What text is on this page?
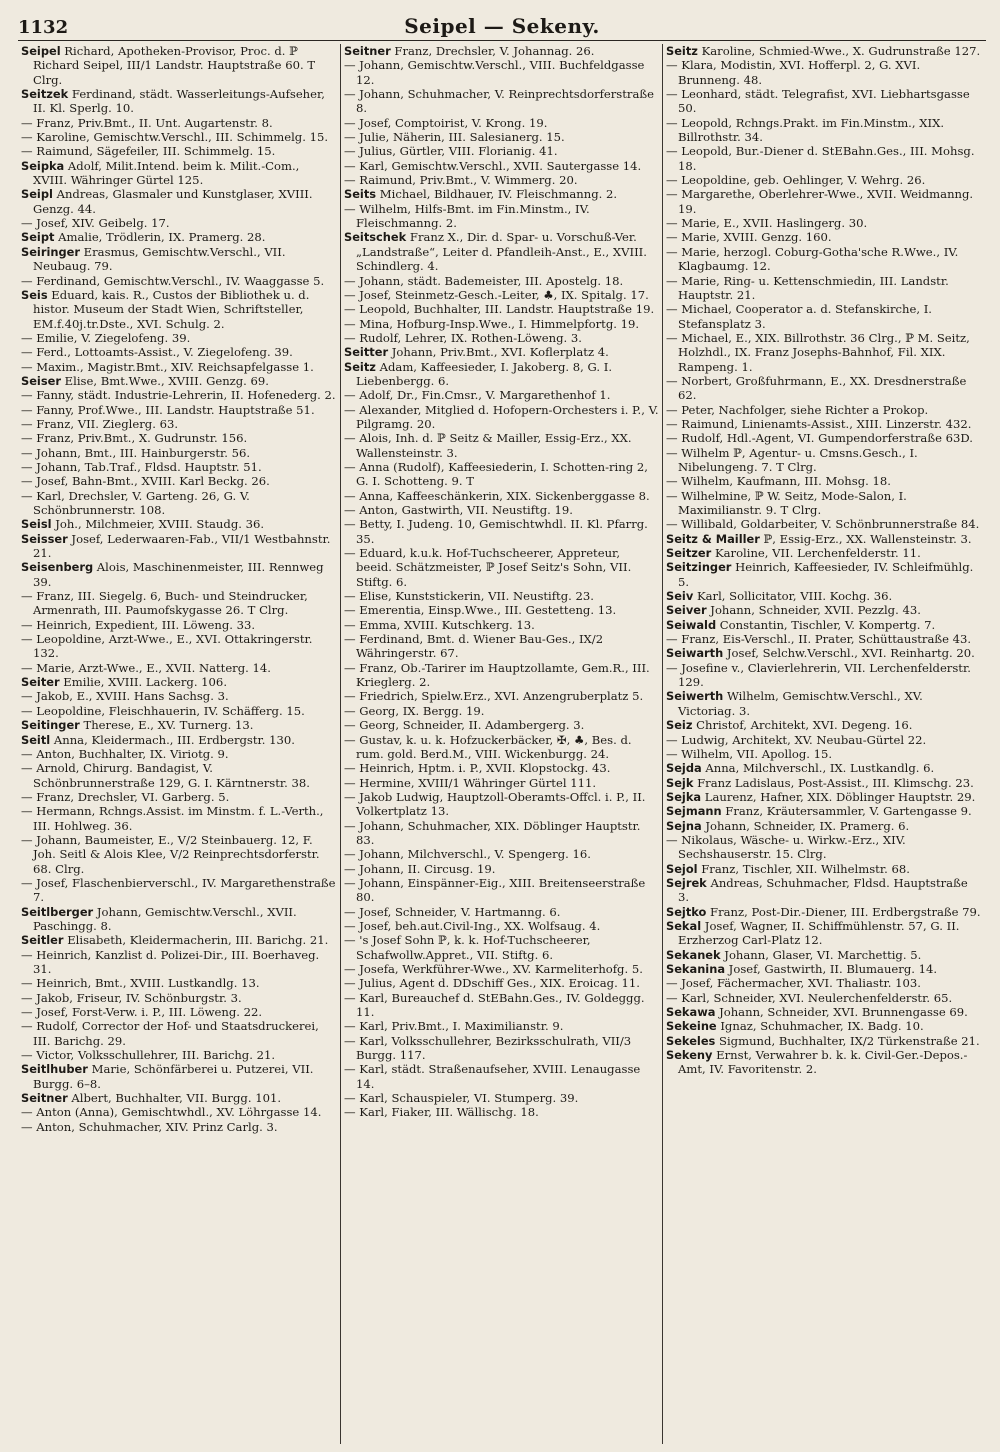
1132	Seipel — Sekeny.
Seipel Richard, Apotheken-Provisor, Proc. d. ℙ Richard Seipel, III/1 Landstr. Hauptstraße 60. T Clrg.
Seitzek Ferdinand, städt. Wasserleitungs-Aufseher, II. Kl. Sperlg. 10.
— Franz, Priv.Bmt., II. Unt. Augartenstr. 8.
— Karoline, Gemischtw.Verschl., III. Schimmelg. 15.
— Raimund, Sägefeiler, III. Schimmelg. 15.
Seipka Adolf, Milit.Intend. beim k. Milit.-Com., XVIII. Währinger Gürtel 125.
Seipl Andreas, Glasmaler und Kunstglaser, XVIII. Genzg. 44.
— Josef, XIV. Geibelg. 17.
Seipt Amalie, Trödlerin, IX. Pramerg. 28.
Seiringer Erasmus, Gemischtw.Verschl., VII. Neubaug. 79.
— Ferdinand, Gemischtw.Verschl., IV. Waaggasse 5.
Seis Eduard, kais. R., Custos der Bibliothek u. d. histor. Museum der Stadt Wien, Schriftsteller, EM.f.40j.tr.Dste., XVI. Schulg. 2.
— Emilie, V. Ziegelofeng. 39.
— Ferd., Lottoamts-Assist., V. Ziegelofeng. 39.
— Maxim., Magistr.Bmt., XIV. Reichsapfelgasse 1.
Seiser Elise, Bmt.Wwe., XVIII. Genzg. 69.
— Fanny, städt. Industrie-Lehrerin, II. Hofenederg. 2.
— Fanny, Prof.Wwe., III. Landstr. Hauptstraße 51.
— Franz, VII. Zieglerg. 63.
— Franz, Priv.Bmt., X. Gudrunstr. 156.
— Johann, Bmt., III. Hainburgerstr. 56.
— Johann, Tab.Traf., Fldsd. Hauptstr. 51.
— Josef, Bahn-Bmt., XVIII. Karl Beckg. 26.
— Karl, Drechsler, V. Garteng. 26, G. V. Schönbrunnerstr. 108.
Seisl Joh., Milchmeier, XVIII. Staudg. 36.
Seisser Josef, Lederwaaren-Fab., VII/1 Westbahnstr. 21.
Seisenberg Alois, Maschinenmeister, III. Rennweg 39.
— Franz, III. Siegelg. 6, Buch- und Steindrucker, Armenrath, III. Paumofskygasse 26. T Clrg.
— Heinrich, Expedient, III. Löweng. 33.
— Leopoldine, Arzt-Wwe., E., XVI. Ottakringerstr. 132.
— Marie, Arzt-Wwe., E., XVII. Natterg. 14.
Seiter Emilie, XVIII. Lackerg. 106.
— Jakob, E., XVIII. Hans Sachsg. 3.
— Leopoldine, Fleischhauerin, IV. Schäfferg. 15.
Seitinger Therese, E., XV. Turnerg. 13.
Seitl Anna, Kleidermach., III. Erdbergstr. 130.
— Anton, Buchhalter, IX. Viriotg. 9.
— Arnold, Chirurg. Bandagist, V. Schönbrunnerstraße 129, G. I. Kärntnerstr. 38.
— Franz, Drechsler, VI. Garberg. 5.
— Hermann, Rchngs.Assist. im Minstm. f. L.-Verth., III. Hohlweg. 36.
— Johann, Baumeister, E., V/2 Steinbauerg. 12, F. Joh. Seitl & Alois Klee, V/2 Reinprechtsdorferstr. 68. Clrg.
— Josef, Flaschenbierverschl., IV. Margarethenstraße 7.
Seitlberger Johann, Gemischtw.Verschl., XVII. Paschingg. 8.
Seitler Elisabeth, Kleidermacherin, III. Barichg. 21.
— Heinrich, Kanzlist d. Polizei-Dir., III. Boerhaveg. 31.
— Heinrich, Bmt., XVIII. Lustkandlg. 13.
— Jakob, Friseur, IV. Schönburgstr. 3.
— Josef, Forst-Verw. i. P., III. Löweng. 22.
— Rudolf, Corrector der Hof- und Staatsdruckerei, III. Barichg. 29.
— Victor, Volksschullehrer, III. Barichg. 21.
Seitlhuber Marie, Schönfärberei u. Putzerei, VII. Burgg. 6–8.
Seitner Albert, Buchhalter, VII. Burgg. 101.
— Anton (Anna), Gemischtwhdl., XV. Löhrgasse 14.
— Anton, Schuhmacher, XIV. Prinz Carlg. 3.
Seitner Franz, Drechsler, V. Johannag. 26.
— Johann, Gemischtw.Verschl., VIII. Buchfeldgasse 12.
— Johann, Schuhmacher, V. Reinprechtsdorferstraße 8.
— Josef, Comptoirist, V. Krong. 19.
— Julie, Näherin, III. Salesianerg. 15.
— Julius, Gürtler, VIII. Florianig. 41.
— Karl, Gemischtw.Verschl., XVII. Sautergasse 14.
— Raimund, Priv.Bmt., V. Wimmerg. 20.
Seits Michael, Bildhauer, IV. Fleischmanng. 2.
— Wilhelm, Hilfs-Bmt. im Fin.Minstm., IV. Fleischmanng. 2.
Seitschek Franz X., Dir. d. Spar- u. Vorschuß-Ver. „Landstraße“, Leiter d. Pfandleih-Anst., E., XVIII. Schindlerg. 4.
— Johann, städt. Bademeister, III. Apostelg. 18.
— Josef, Steinmetz-Gesch.-Leiter, ♣, IX. Spitalg. 17.
— Leopold, Buchhalter, III. Landstr. Hauptstraße 19.
— Mina, Hofburg-Insp.Wwe., I. Himmelpfortg. 19.
— Rudolf, Lehrer, IX. Rothen-Löweng. 3.
Seitter Johann, Priv.Bmt., XVI. Koflerplatz 4.
Seitz Adam, Kaffeesieder, I. Jakoberg. 8, G. I. Liebenbergg. 6.
— Adolf, Dr., Fin.Cmsr., V. Margarethenhof 1.
— Alexander, Mitglied d. Hofopern-Orchesters i. P., V. Pilgramg. 20.
— Alois, Inh. d. ℙ Seitz & Mailler, Essig-Erz., XX. Wallensteinstr. 3.
— Anna (Rudolf), Kaffeesiederin, I. Schotten-ring 2, G. I. Schotteng. 9. T
— Anna, Kaffeeschänkerin, XIX. Sickenberggasse 8.
— Anton, Gastwirth, VII. Neustiftg. 19.
— Betty, I. Judeng. 10, Gemischtwhdl. II. Kl. Pfarrg. 35.
— Eduard, k.u.k. Hof-Tuchscheerer, Appreteur, beeid. Schätzmeister, ℙ Josef Seitz's Sohn, VII. Stiftg. 6.
— Elise, Kunststickerin, VII. Neustiftg. 23.
— Emerentia, Einsp.Wwe., III. Gestetteng. 13.
— Emma, XVIII. Kutschkerg. 13.
— Ferdinand, Bmt. d. Wiener Bau-Ges., IX/2 Währingerstr. 67.
— Franz, Ob.-Tarirer im Hauptzollamte, Gem.R., III. Krieglerg. 2.
— Friedrich, Spielw.Erz., XVI. Anzengruberplatz 5.
— Georg, IX. Bergg. 19.
— Georg, Schneider, II. Adambergerg. 3.
— Gustav, k. u. k. Hofzuckerbäcker, ✠, ♣, Bes. d. rum. gold. Berd.M., VIII. Wickenburgg. 24.
— Heinrich, Hptm. i. P., XVII. Klopstockg. 43.
— Hermine, XVIII/1 Währinger Gürtel 111.
— Jakob Ludwig, Hauptzoll-Oberamts-Offcl. i. P., II. Volkertplatz 13.
— Johann, Schuhmacher, XIX. Döblinger Hauptstr. 83.
— Johann, Milchverschl., V. Spengerg. 16.
— Johann, II. Circusg. 19.
— Johann, Einspänner-Eig., XIII. Breitenseerstraße 80.
— Josef, Schneider, V. Hartmanng. 6.
— Josef, beh.aut.Civil-Ing., XX. Wolfsaug. 4.
— 's Josef Sohn ℙ, k. k. Hof-Tuchscheerer, Schafwollw.Appret., VII. Stiftg. 6.
— Josefa, Werkführer-Wwe., XV. Karmeliterhofg. 5.
— Julius, Agent d. DDschiff Ges., XIX. Eroicag. 11.
— Karl, Bureauchef d. StEBahn.Ges., IV. Goldeggg. 11.
— Karl, Priv.Bmt., I. Maximilianstr. 9.
— Karl, Volksschullehrer, Bezirksschulrath, VII/3 Burgg. 117.
— Karl, städt. Straßenaufseher, XVIII. Lenaugasse 14.
— Karl, Schauspieler, VI. Stumperg. 39.
— Karl, Fiaker, III. Wällischg. 18.
Seitz Karoline, Schmied-Wwe., X. Gudrunstraße 127.
— Klara, Modistin, XVI. Hofferpl. 2, G. XVI. Brunneng. 48.
— Leonhard, städt. Telegrafist, XVI. Liebhartsgasse 50.
— Leopold, Rchngs.Prakt. im Fin.Minstm., XIX. Billrothstr. 34.
— Leopold, Bur.-Diener d. StEBahn.Ges., III. Mohsg. 18.
— Leopoldine, geb. Oehlinger, V. Wehrg. 26.
— Margarethe, Oberlehrer-Wwe., XVII. Weidmanng. 19.
— Marie, E., XVII. Haslingerg. 30.
— Marie, XVIII. Genzg. 160.
— Marie, herzogl. Coburg-Gotha'sche R.Wwe., IV. Klagbaumg. 12.
— Marie, Ring- u. Kettenschmiedin, III. Landstr. Hauptstr. 21.
— Michael, Cooperator a. d. Stefanskirche, I. Stefansplatz 3.
— Michael, E., XIX. Billrothstr. 36 Clrg., ℙ M. Seitz, Holzhdl., IX. Franz Josephs-Bahnhof, Fil. XIX. Rampeng. 1.
— Norbert, Großfuhrmann, E., XX. Dresdnerstraße 62.
— Peter, Nachfolger, siehe Richter a Prokop.
— Raimund, Linienamts-Assist., XIII. Linzerstr. 432.
— Rudolf, Hdl.-Agent, VI. Gumpendorferstraße 63D.
— Wilhelm ℙ, Agentur- u. Cmsns.Gesch., I. Nibelungeng. 7. T Clrg.
— Wilhelm, Kaufmann, III. Mohsg. 18.
— Wilhelmine, ℙ W. Seitz, Mode-Salon, I. Maximilianstr. 9. T Clrg.
— Willibald, Goldarbeiter, V. Schönbrunnerstraße 84.
Seitz & Mailler ℙ, Essig-Erz., XX. Wallensteinstr. 3.
Seitzer Karoline, VII. Lerchenfelderstr. 11.
Seitzinger Heinrich, Kaffeesieder, IV. Schleifmühlg. 5.
Seiv Karl, Sollicitator, VIII. Kochg. 36.
Seiver Johann, Schneider, XVII. Pezzlg. 43.
Seiwald Constantin, Tischler, V. Kompertg. 7.
— Franz, Eis-Verschl., II. Prater, Schüttaustraße 43.
Seiwarth Josef, Selchw.Verschl., XVI. Reinhartg. 20.
— Josefine v., Clavierlehrerin, VII. Lerchenfelderstr. 129.
Seiwerth Wilhelm, Gemischtw.Verschl., XV. Victoriag. 3.
Seiz Christof, Architekt, XVI. Degeng. 16.
— Ludwig, Architekt, XV. Neubau-Gürtel 22.
— Wilhelm, VII. Apollog. 15.
Sejda Anna, Milchverschl., IX. Lustkandlg. 6.
Sejk Franz Ladislaus, Post-Assist., III. Klimschg. 23.
Sejka Laurenz, Hafner, XIX. Döblinger Hauptstr. 29.
Sejmann Franz, Kräutersammler, V. Gartengasse 9.
Sejna Johann, Schneider, IX. Pramerg. 6.
— Nikolaus, Wäsche- u. Wirkw.-Erz., XIV. Sechshauserstr. 15. Clrg.
Sejol Franz, Tischler, XII. Wilhelmstr. 68.
Sejrek Andreas, Schuhmacher, Fldsd. Hauptstraße 3.
Sejtko Franz, Post-Dir.-Diener, III. Erdbergstraße 79.
Sekal Josef, Wagner, II. Schiffmühlenstr. 57, G. II. Erzherzog Carl-Platz 12.
Sekanek Johann, Glaser, VI. Marchettig. 5.
Sekanina Josef, Gastwirth, II. Blumauerg. 14.
— Josef, Fächermacher, XVI. Thaliastr. 103.
— Karl, Schneider, XVI. Neulerchenfelderstr. 65.
Sekawa Johann, Schneider, XVI. Brunnengasse 69.
Sekeine Ignaz, Schuhmacher, IX. Badg. 10.
Sekeles Sigmund, Buchhalter, IX/2 Türkenstraße 21.
Sekeny Ernst, Verwahrer b. k. k. Civil-Ger.-Depos.-Amt, IV. Favoritenstr. 2.
